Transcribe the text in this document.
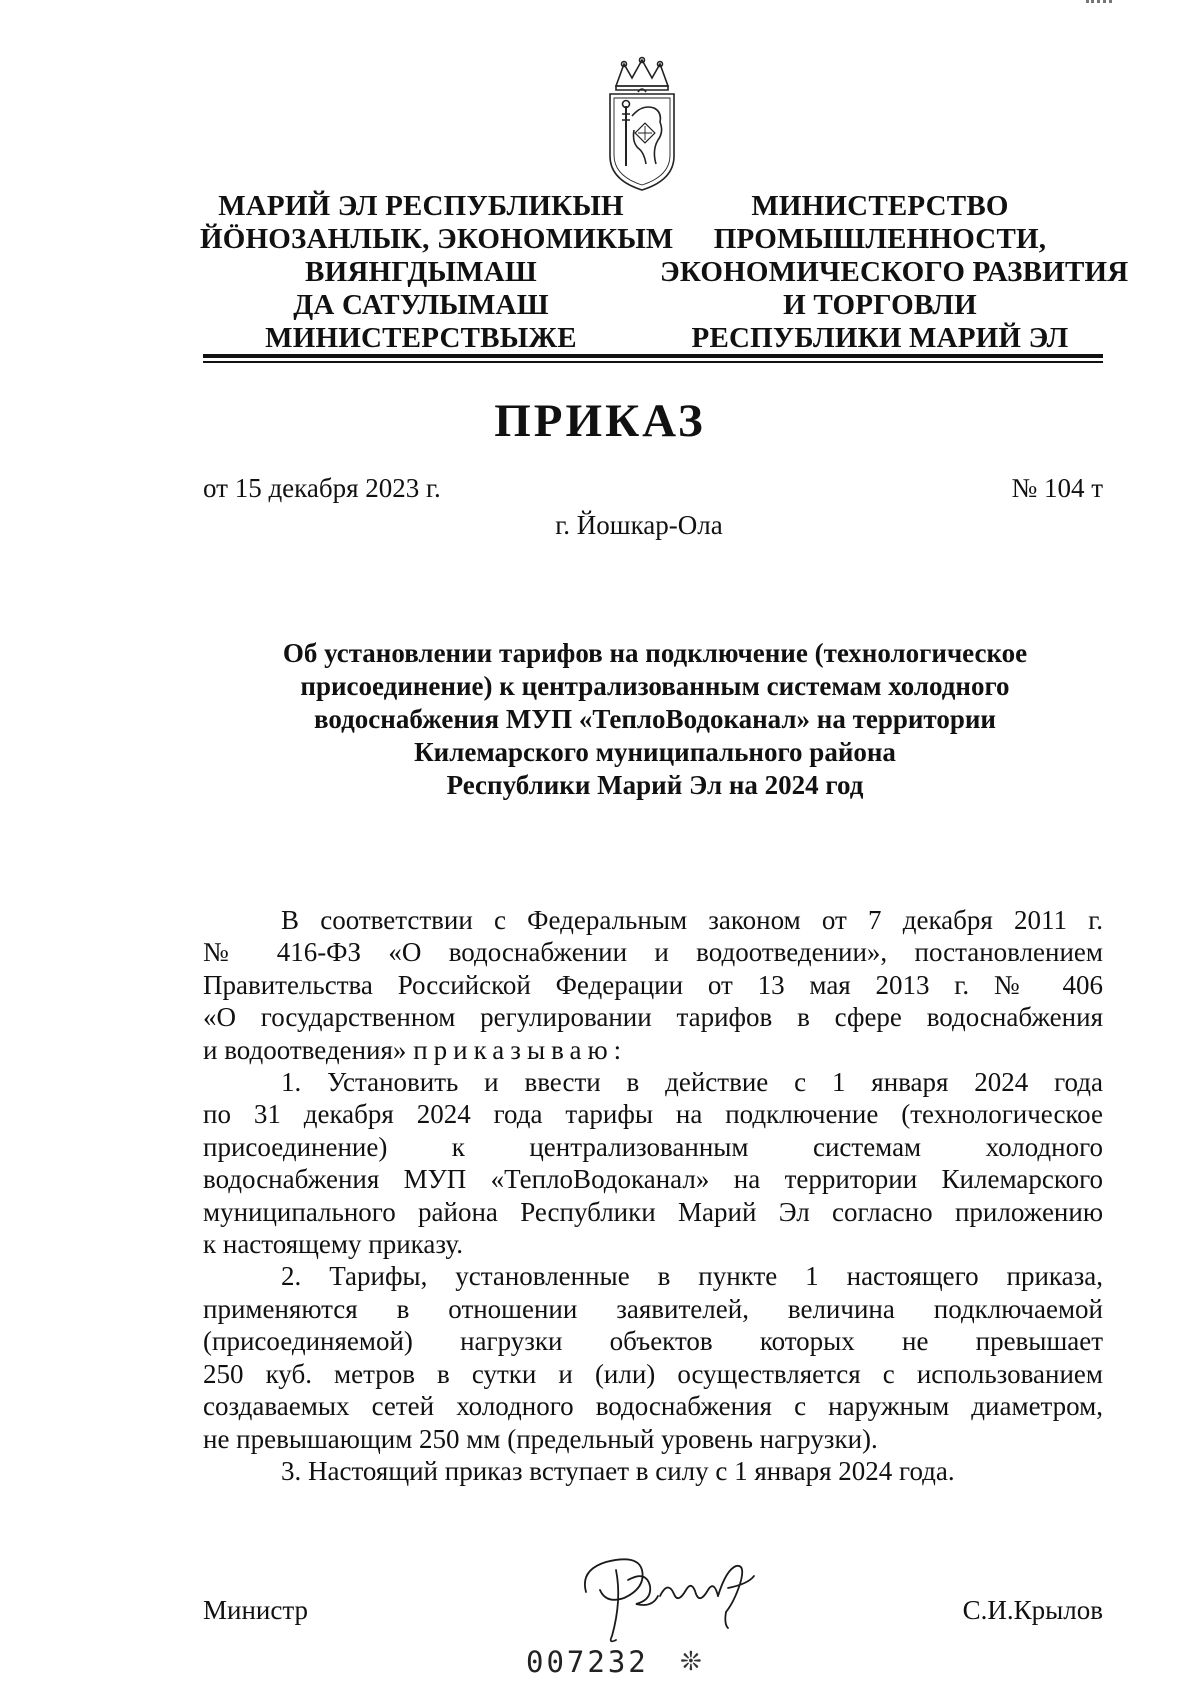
МАРИЙ ЭЛ РЕСПУБЛИКЫН
ЙӦНОЗАНЛЫК, ЭКОНОМИКЫМ
ВИЯНГДЫМАШ
ДА САТУЛЫМАШ
МИНИСТЕРСТВЫЖЕ
МИНИСТЕРСТВО
ПРОМЫШЛЕННОСТИ,
ЭКОНОМИЧЕСКОГО РАЗВИТИЯ
И ТОРГОВЛИ
РЕСПУБЛИКИ МАРИЙ ЭЛ
ПРИКАЗ
от 15 декабря 2023 г.	№ 104 т
г. Йошкар-Ола
Об установлении тарифов на подключение (технологическое
присоединение) к централизованным системам холодного
водоснабжения МУП «ТеплоВодоканал» на территории
Килемарского муниципального района
Республики Марий Эл на 2024 год
В соответствии с Федеральным законом от 7 декабря 2011 г.
№ 416-ФЗ «О водоснабжении и водоотведении», постановлением
Правительства Российской Федерации от 13 мая 2013 г. № 406
«О государственном регулировании тарифов в сфере водоснабжения
и водоотведения» приказываю:
1. Установить и ввести в действие с 1 января 2024 года
по 31 декабря 2024 года тарифы на подключение (технологическое
присоединение) к централизованным системам холодного
водоснабжения МУП «ТеплоВодоканал» на территории Килемарского
муниципального района Республики Марий Эл согласно приложению
к настоящему приказу.
2. Тарифы, установленные в пункте 1 настоящего приказа,
применяются в отношении заявителей, величина подключаемой
(присоединяемой) нагрузки объектов которых не превышает
250 куб. метров в сутки и (или) осуществляется с использованием
создаваемых сетей холодного водоснабжения с наружным диаметром,
не превышающим 250 мм (предельный уровень нагрузки).
3. Настоящий приказ вступает в силу с 1 января 2024 года.
Министр	С.И.Крылов
007232 ❊
